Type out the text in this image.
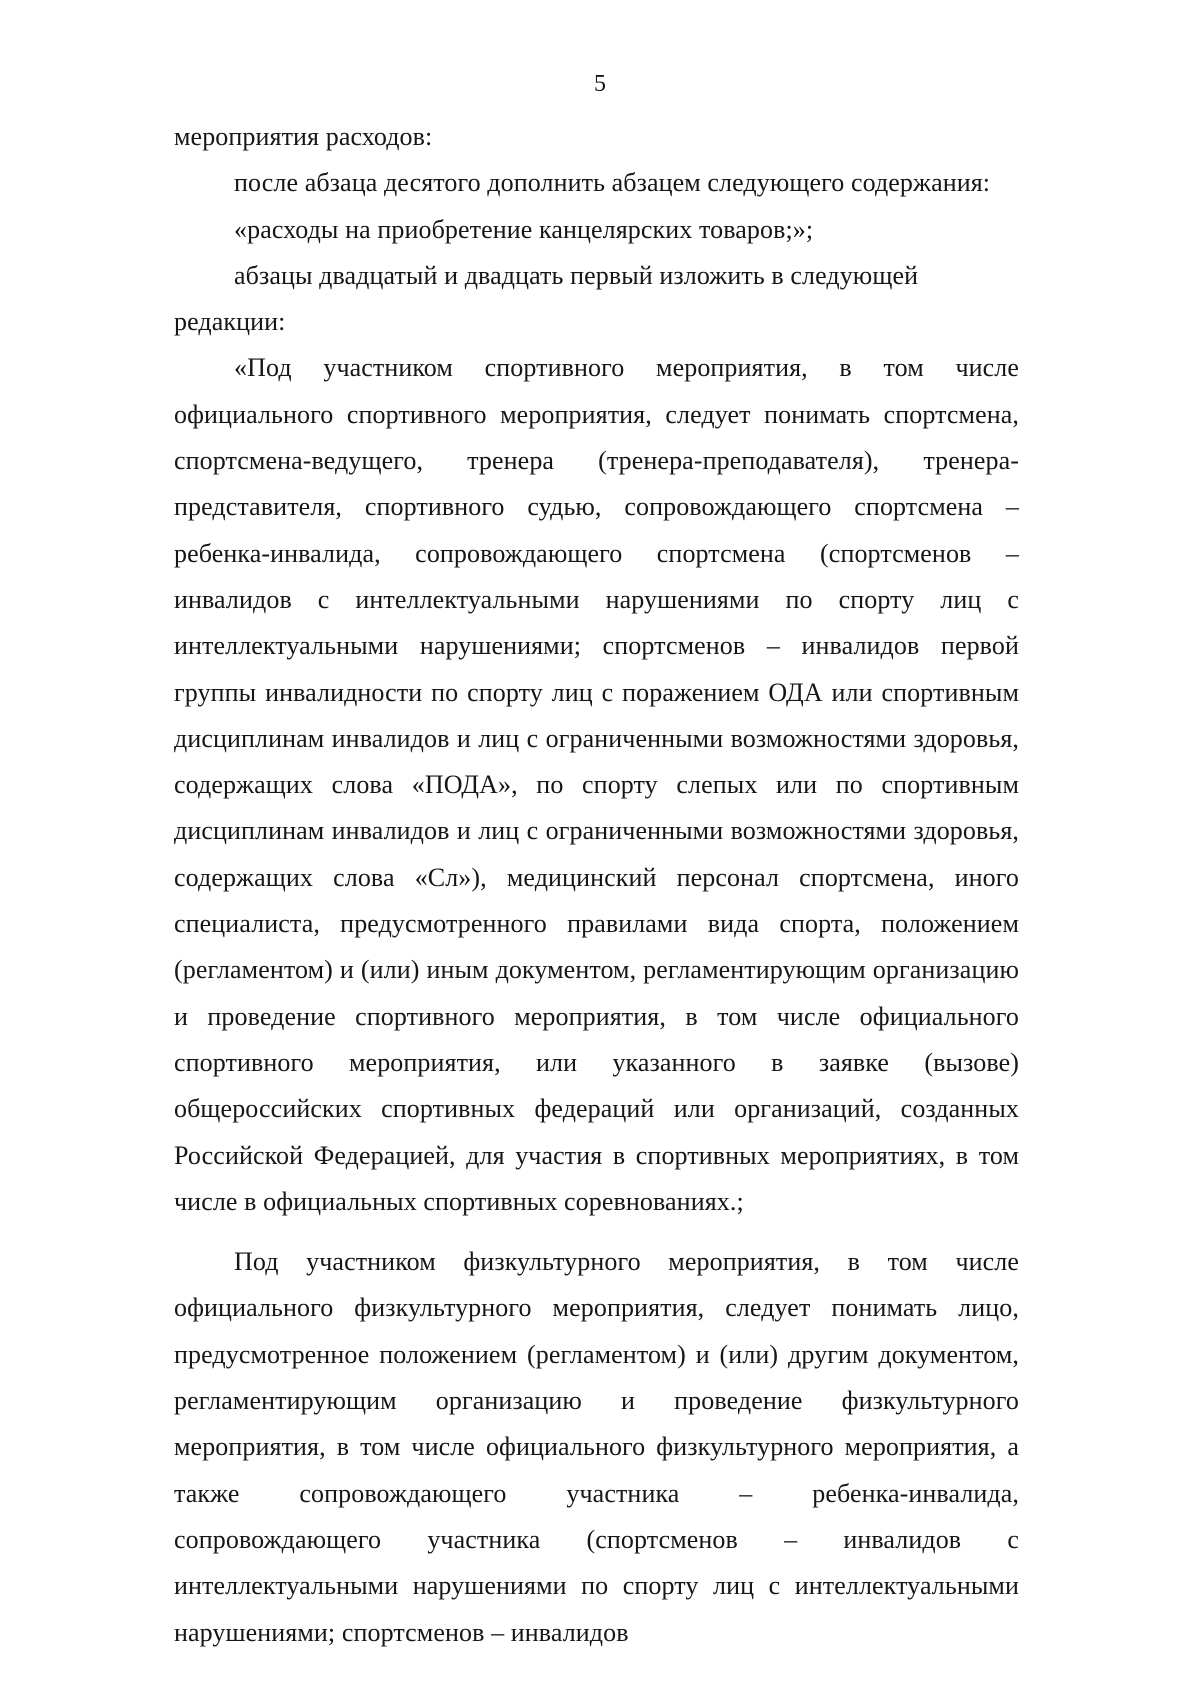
5

мероприятия расходов:

после абзаца десятого дополнить абзацем следующего содержания:

«расходы на приобретение канцелярских товаров;»;

абзацы двадцатый и двадцать первый изложить в следующей редакции:

«Под участником спортивного мероприятия, в том числе официального спортивного мероприятия, следует понимать спортсмена, спортсмена-ведущего, тренера (тренера-преподавателя), тренера-представителя, спортивного судью, сопровождающего спортсмена – ребенка-инвалида, сопровождающего спортсмена (спортсменов – инвалидов с интеллектуальными нарушениями по спорту лиц с интеллектуальными нарушениями; спортсменов – инвалидов первой группы инвалидности по спорту лиц с поражением ОДА или спортивным дисциплинам инвалидов и лиц с ограниченными возможностями здоровья, содержащих слова «ПОДА», по спорту слепых или по спортивным дисциплинам инвалидов и лиц с ограниченными возможностями здоровья, содержащих слова «Сл»), медицинский персонал спортсмена, иного специалиста, предусмотренного правилами вида спорта, положением (регламентом) и (или) иным документом, регламентирующим организацию и проведение спортивного мероприятия, в том числе официального спортивного мероприятия, или указанного в заявке (вызове) общероссийских спортивных федераций или организаций, созданных Российской Федерацией, для участия в спортивных мероприятиях, в том числе в официальных спортивных соревнованиях.;

Под участником физкультурного мероприятия, в том числе официального физкультурного мероприятия, следует понимать лицо, предусмотренное положением (регламентом) и (или) другим документом, регламентирующим организацию и проведение физкультурного мероприятия, в том числе официального физкультурного мероприятия, а также сопровождающего участника – ребенка-инвалида, сопровождающего участника (спортсменов – инвалидов с интеллектуальными нарушениями по спорту лиц с интеллектуальными нарушениями; спортсменов – инвалидов
